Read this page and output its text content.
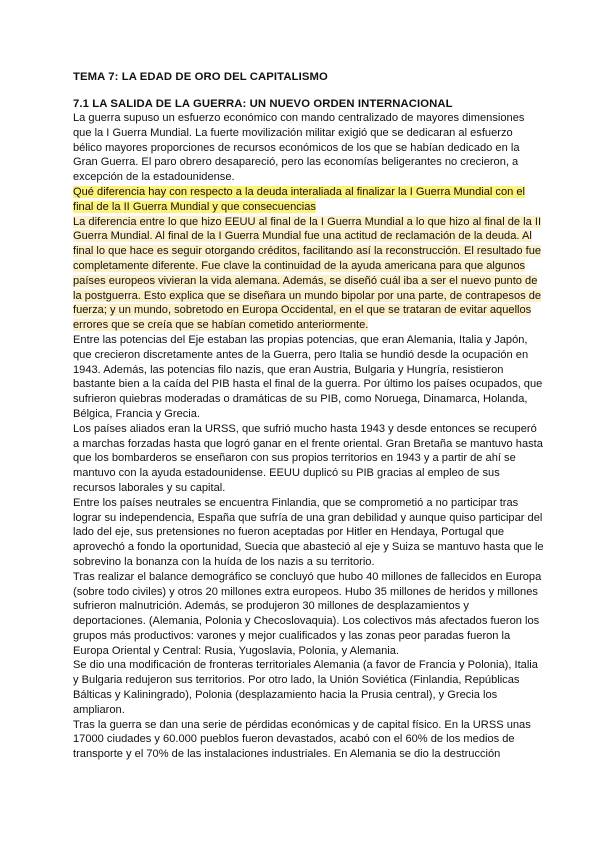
TEMA 7: LA EDAD DE ORO DEL CAPITALISMO

7.1 LA SALIDA DE LA GUERRA: UN NUEVO ORDEN INTERNACIONAL

La guerra supuso un esfuerzo económico con mando centralizado de mayores dimensiones que la I Guerra Mundial. La fuerte movilización militar exigió que se dedicaran al esfuerzo bélico mayores proporciones de recursos económicos de los que se habían dedicado en la Gran Guerra. El paro obrero desapareció, pero las economías beligerantes no crecieron, a excepción de la estadounidense.

Qué diferencia hay con respecto a la deuda interaliada al finalizar la I Guerra Mundial con el final de la II Guerra Mundial y que consecuencias

La diferencia entre lo que hizo EEUU al final de la I Guerra Mundial a lo que hizo al final de la II Guerra Mundial. Al final de la I Guerra Mundial fue una actitud de reclamación de la deuda. Al final lo que hace es seguir otorgando créditos, facilitando así la reconstrucción. El resultado fue completamente diferente. Fue clave la continuidad de la ayuda americana para que algunos países europeos vivieran la vida alemana. Además, se diseñó cuál iba a ser el nuevo punto de la postguerra. Esto explica que se diseñara un mundo bipolar por una parte, de contrapesos de fuerza; y un mundo, sobretodo en Europa Occidental, en el que se trataran de evitar aquellos errores que se creía que se habían cometido anteriormente.

Entre las potencias del Eje estaban las propias potencias, que eran Alemania, Italia y Japón, que crecieron discretamente antes de la Guerra, pero Italia se hundió desde la ocupación en 1943. Además, las potencias filo nazis, que eran Austria, Bulgaria y Hungría, resistieron bastante bien a la caída del PIB hasta el final de la guerra. Por último los países ocupados, que sufrieron quiebras moderadas o dramáticas de su PIB, como Noruega, Dinamarca, Holanda, Bélgica, Francia y Grecia.

Los países aliados eran la URSS, que sufrió mucho hasta 1943 y desde entonces se recuperó a marchas forzadas hasta que logró ganar en el frente oriental. Gran Bretaña se mantuvo hasta que los bombarderos se enseñaron con sus propios territorios en 1943 y a partir de ahí se mantuvo con la ayuda estadounidense. EEUU duplicó su PIB gracias al empleo de sus recursos laborales y su capital.

Entre los países neutrales se encuentra Finlandia, que se comprometió a no participar tras lograr su independencia, España que sufría de una gran debilidad y aunque quiso participar del lado del eje, sus pretensiones no fueron aceptadas por Hitler en Hendaya, Portugal que aprovechó a fondo la oportunidad, Suecia que abasteció al eje y Suiza se mantuvo hasta que le sobrevino la bonanza con la huída de los nazis a su territorio.

Tras realizar el balance demográfico se concluyó que hubo 40 millones de fallecidos en Europa (sobre todo civiles) y otros 20 millones extra europeos. Hubo 35 millones de heridos y millones sufrieron malnutrición. Además, se produjeron 30 millones de desplazamientos y deportaciones. (Alemania, Polonia y Checoslovaquia). Los colectivos más afectados fueron los grupos más productivos: varones y mejor cualificados y las zonas peor paradas fueron la Europa Oriental y Central: Rusia, Yugoslavia, Polonia, y Alemania.

Se dio una modificación de fronteras territoriales Alemania (a favor de Francia y Polonia), Italia y Bulgaria redujeron sus territorios. Por otro lado, la Unión Soviética (Finlandia, Repúblicas Bálticas y Kaliningrado), Polonia (desplazamiento hacia la Prusia central), y Grecia los ampliaron.

Tras la guerra se dan una serie de pérdidas económicas y de capital físico. En la URSS unas 17000 ciudades y 60.000 pueblos fueron devastados, acabó con el 60% de los medios de transporte y el 70% de las instalaciones industriales. En Alemania se dio la destrucción
